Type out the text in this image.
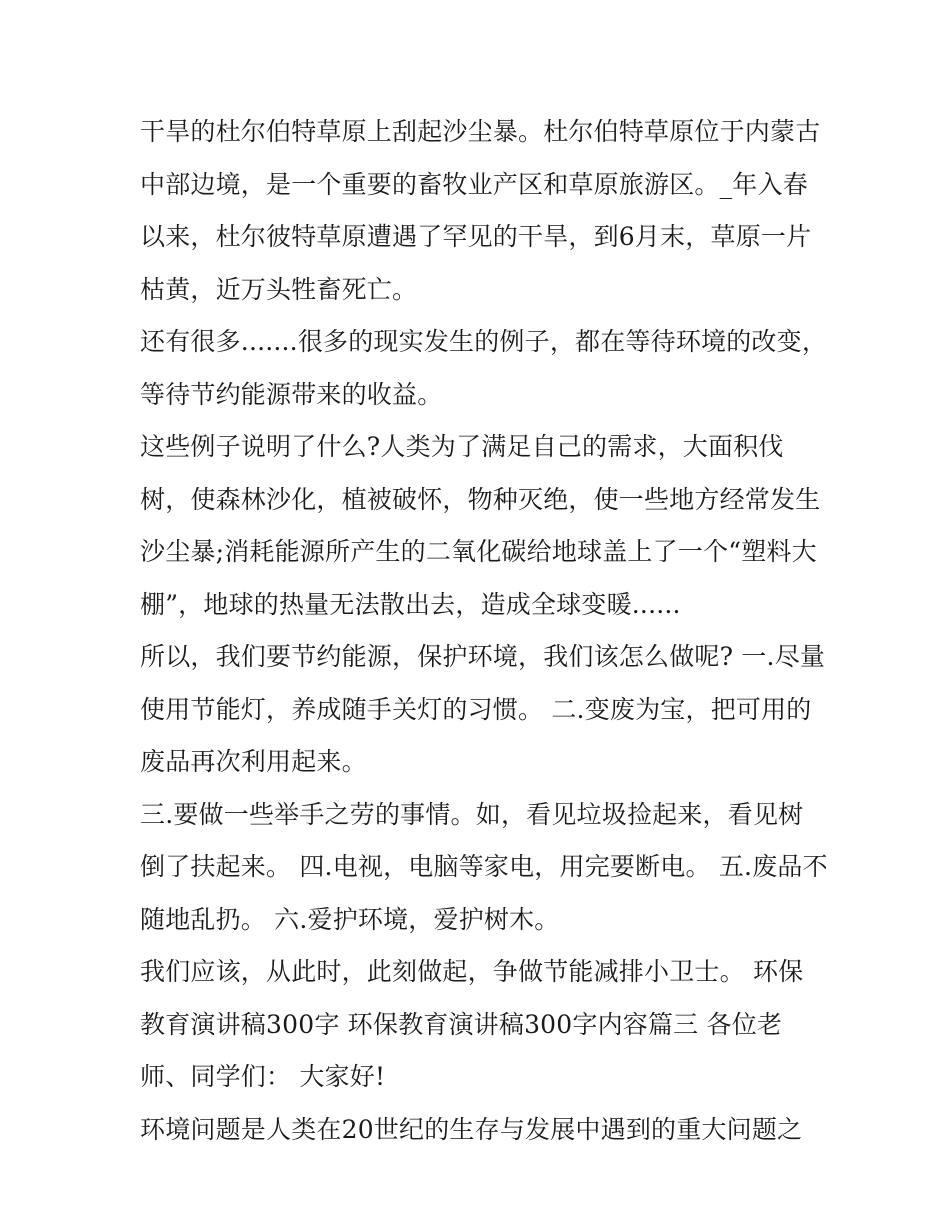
干旱的杜尔伯特草原上刮起沙尘暴。杜尔伯特草原位于内蒙古
中部边境，是一个重要的畜牧业产区和草原旅游区。_年入春
以来，杜尔彼特草原遭遇了罕见的干旱，到6月末，草原一片
枯黄，近万头牲畜死亡。
还有很多.......很多的现实发生的例子，都在等待环境的改变，
等待节约能源带来的收益。
这些例子说明了什么?人类为了满足自己的需求，大面积伐
树，使森林沙化，植被破怀，物种灭绝，使一些地方经常发生
沙尘暴;消耗能源所产生的二氧化碳给地球盖上了一个“塑料大
棚”，地球的热量无法散出去，造成全球变暖......
所以，我们要节约能源，保护环境，我们该怎么做呢? 一.尽量
使用节能灯，养成随手关灯的习惯。 二.变废为宝，把可用的
废品再次利用起来。
三.要做一些举手之劳的事情。如，看见垃圾捡起来，看见树
倒了扶起来。 四.电视，电脑等家电，用完要断电。 五.废品不
随地乱扔。 六.爱护环境，爱护树木。
我们应该，从此时，此刻做起，争做节能减排小卫士。 环保
教育演讲稿300字 环保教育演讲稿300字内容篇三 各位老
师、同学们： 大家好!
环境问题是人类在20世纪的生存与发展中遇到的重大问题之
